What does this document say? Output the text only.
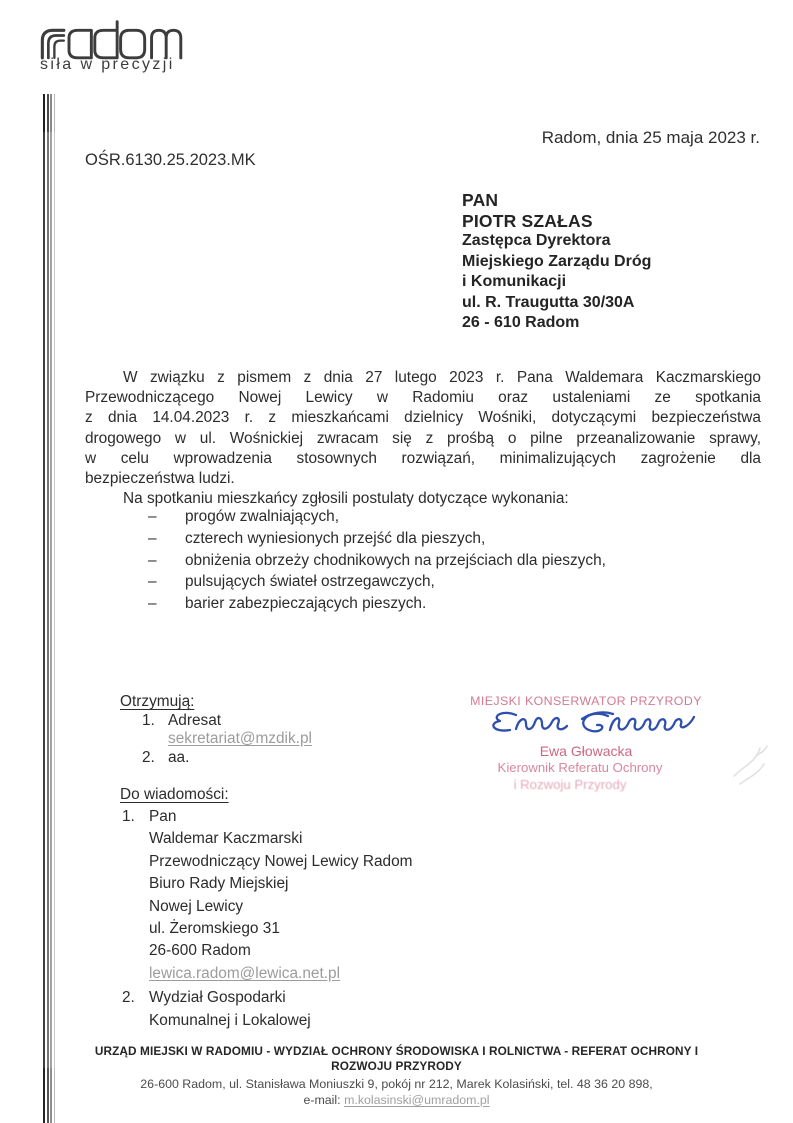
siła w precyzji
Radom, dnia 25 maja 2023 r.
OŚR.6130.25.2023.MK
PAN
PIOTR SZAŁAS
Zastępca Dyrektora
Miejskiego Zarządu Dróg
i Komunikacji
ul. R. Traugutta 30/30A
26 - 610 Radom
W związku z pismem z dnia 27 lutego 2023 r. Pana Waldemara Kaczmarskiego
Przewodniczącego Nowej Lewicy w Radomiu oraz ustaleniami ze spotkania
z dnia 14.04.2023 r. z mieszkańcami dzielnicy Wośniki, dotyczącymi bezpieczeństwa
drogowego w ul. Wośnickiej zwracam się z prośbą o pilne przeanalizowanie sprawy,
w celu wprowadzenia stosownych rozwiązań, minimalizujących zagrożenie dla
bezpieczeństwa ludzi.
Na spotkaniu mieszkańcy zgłosili postulaty dotyczące wykonania:
– progów zwalniających,
– czterech wyniesionych przejść dla pieszych,
– obniżenia obrzeży chodnikowych na przejściach dla pieszych,
– pulsujących świateł ostrzegawczych,
– barier zabezpieczających pieszych.
Otrzymują:
1. Adresat
sekretariat@mzdik.pl
2. aa.
MIEJSKI KONSERWATOR PRZYRODY
Ewa Głowacka
Kierownik Referatu Ochrony
i Rozwoju Przyrody
Do wiadomości:
1. Pan
Waldemar Kaczmarski
Przewodniczący Nowej Lewicy Radom
Biuro Rady Miejskiej
Nowej Lewicy
ul. Żeromskiego 31
26-600 Radom
lewica.radom@lewica.net.pl
2. Wydział Gospodarki
Komunalnej i Lokalowej
URZĄD MIEJSKI W RADOMIU - WYDZIAŁ OCHRONY ŚRODOWISKA I ROLNICTWA - REFERAT OCHRONY I ROZWOJU PRZYRODY
26-600 Radom, ul. Stanisława Moniuszki 9, pokój nr 212, Marek Kolasiński, tel. 48 36 20 898,
e-mail: m.kolasinski@umradom.pl
